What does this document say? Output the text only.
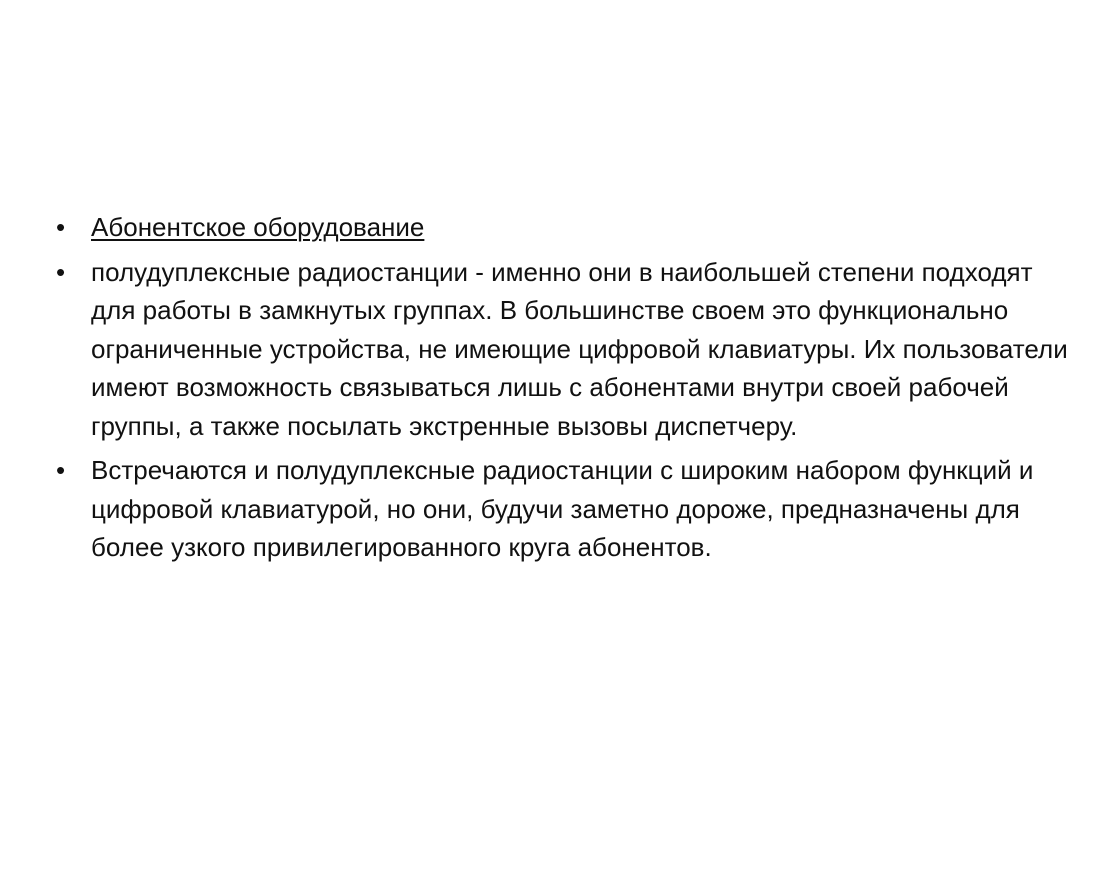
• Абонентское оборудование
• полудуплексные радиостанции - именно они в наибольшей степени подходят для работы в замкнутых группах. В большинстве своем это функционально ограниченные устройства, не имеющие цифровой клавиатуры. Их пользователи имеют возможность связываться лишь с абонентами внутри своей рабочей группы, а также посылать экстренные вызовы диспетчеру.
• Встречаются и полудуплексные радиостанции с широким набором функций и цифровой клавиатурой, но они, будучи заметно дороже, предназначены для более узкого привилегированного круга абонентов.
